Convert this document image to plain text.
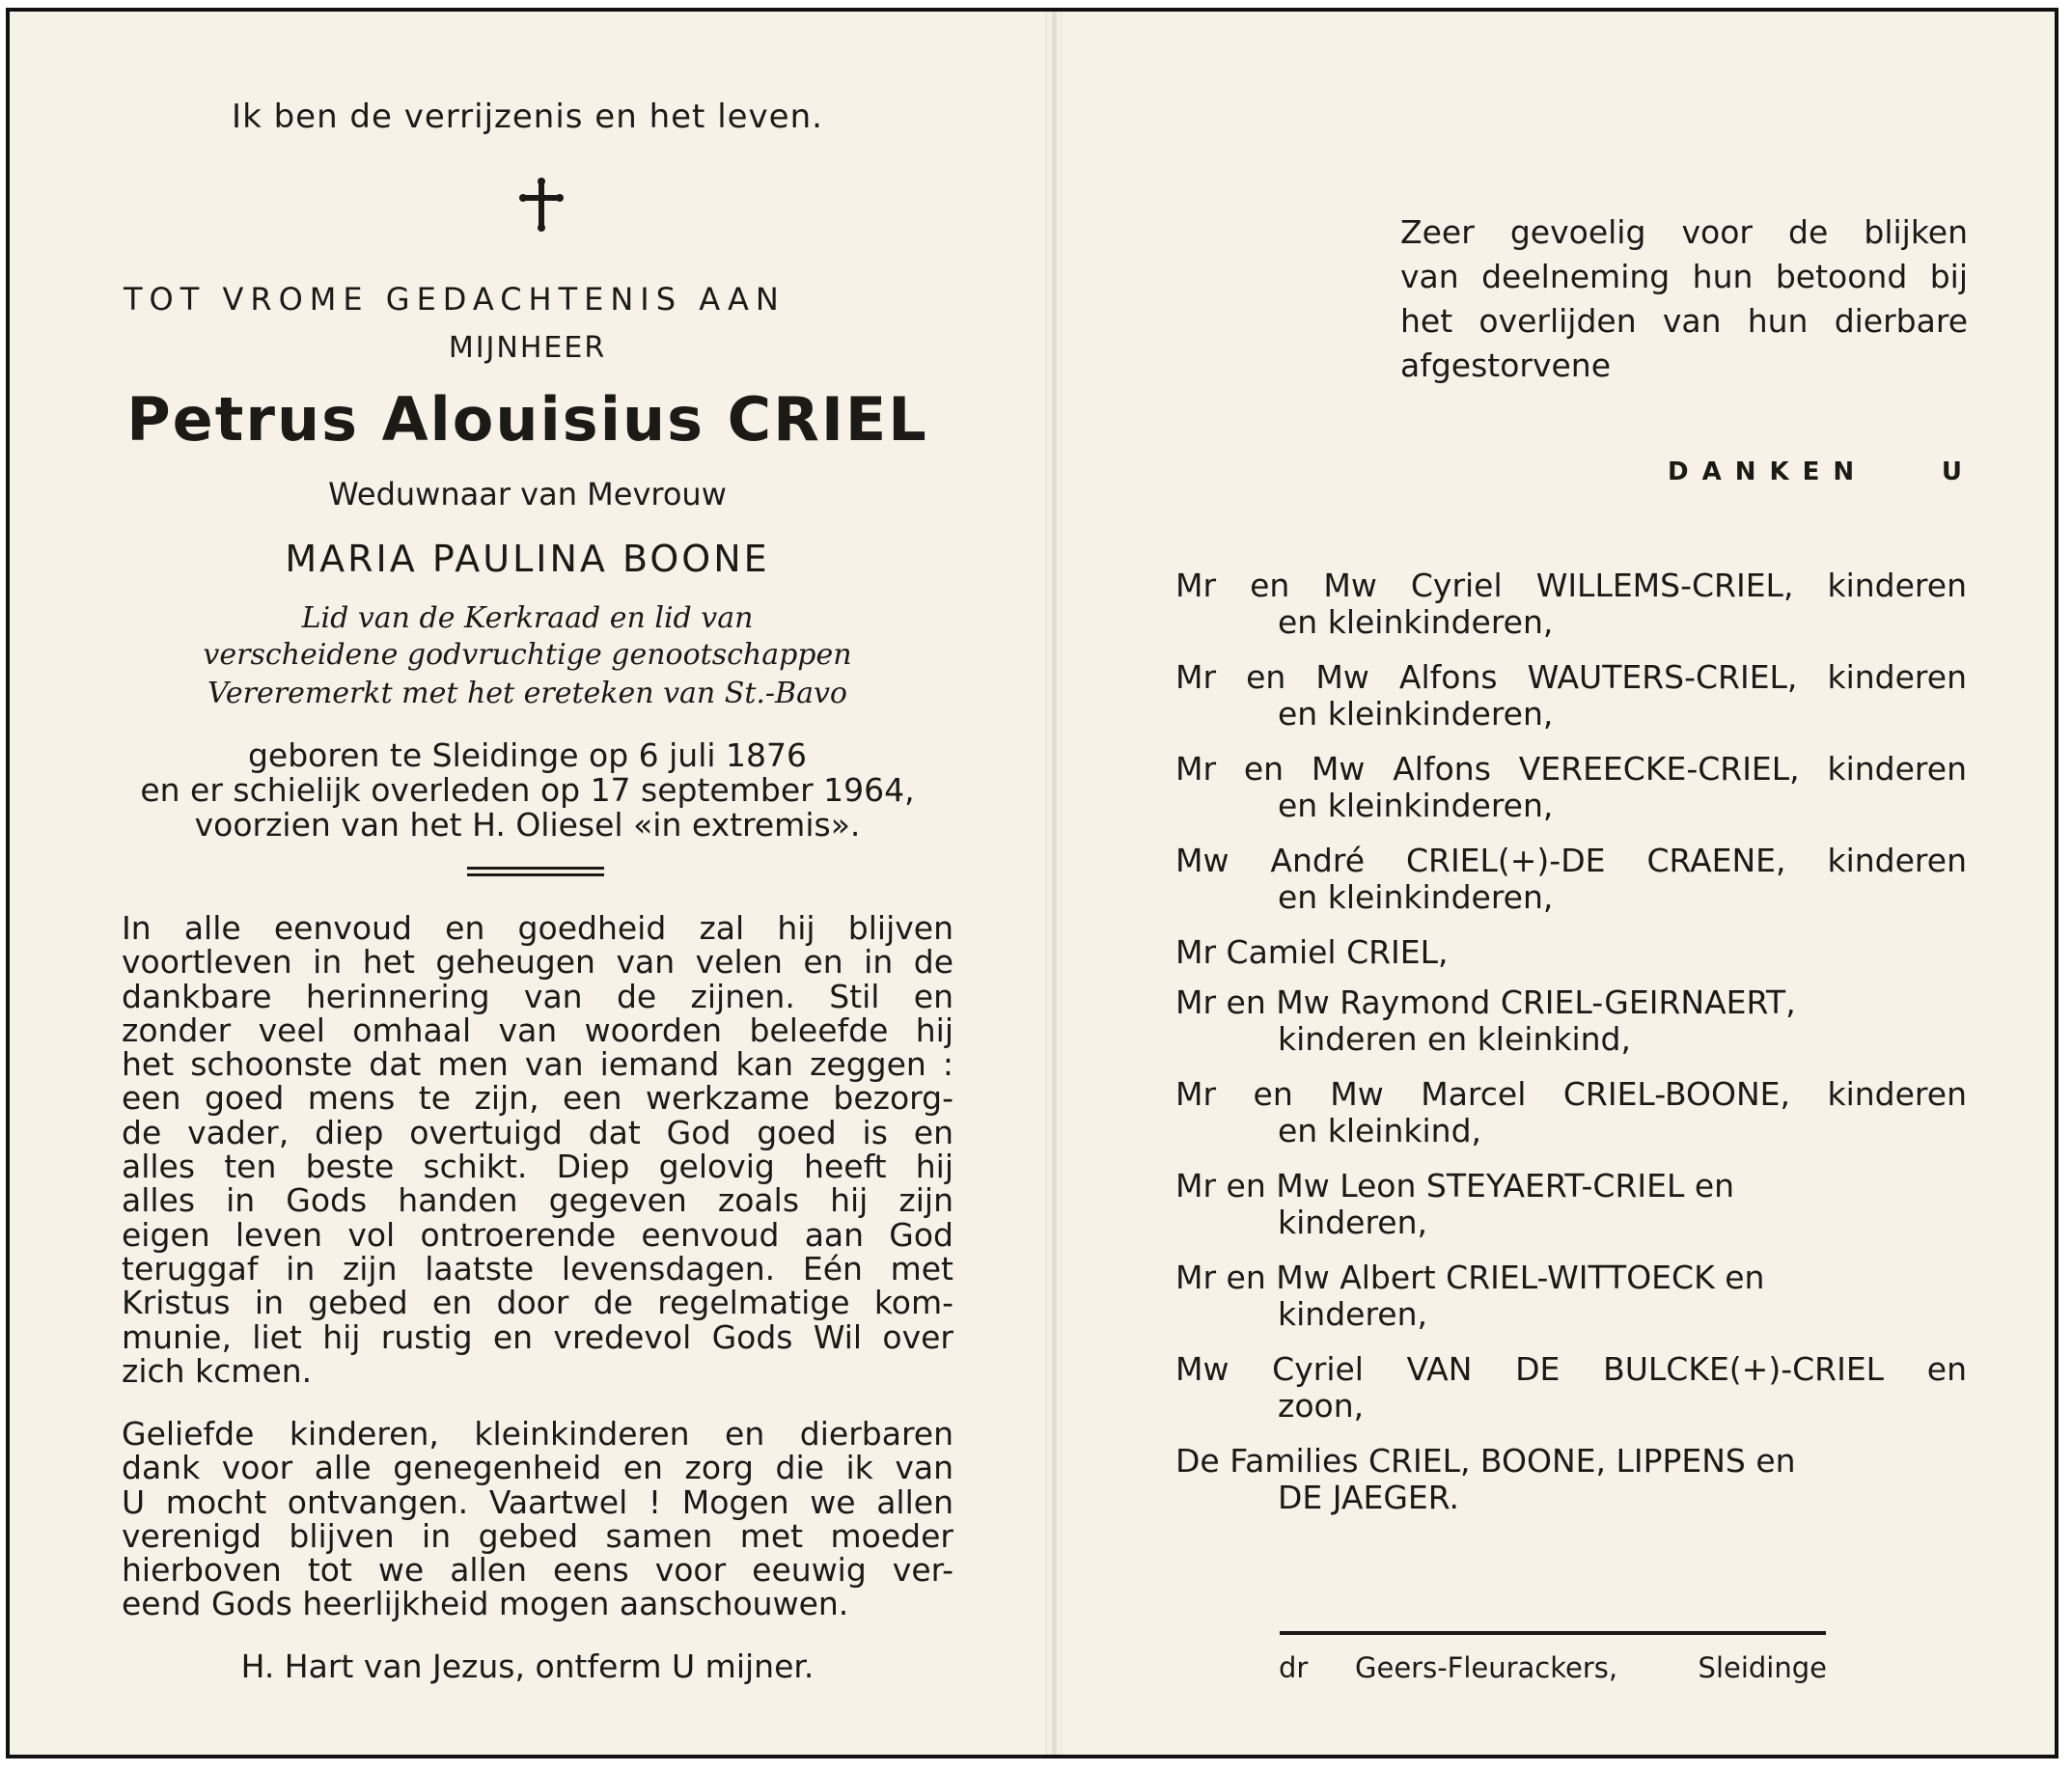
Ik ben de verrijzenis en het leven.
TOT VROME GEDACHTENIS AAN
MIJNHEER
Petrus Alouisius CRIEL
Weduwnaar van Mevrouw
MARIA PAULINA BOONE
Lid van de Kerkraad en lid van
verscheidene godvruchtige genootschappen
Vereremerkt met het ereteken van St.-Bavo
geboren te Sleidinge op 6 juli 1876
en er schielijk overleden op 17 september 1964,
voorzien van het H. Oliesel «in extremis».
In alle eenvoud en goedheid zal hij blijven
voortleven in het geheugen van velen en in de
dankbare herinnering van de zijnen. Stil en
zonder veel omhaal van woorden beleefde hij
het schoonste dat men van iemand kan zeggen :
een goed mens te zijn, een werkzame bezorg-
de vader, diep overtuigd dat God goed is en
alles ten beste schikt. Diep gelovig heeft hij
alles in Gods handen gegeven zoals hij zijn
eigen leven vol ontroerende eenvoud aan God
teruggaf in zijn laatste levensdagen. Eén met
Kristus in gebed en door de regelmatige kom-
munie, liet hij rustig en vredevol Gods Wil over
zich kcmen.
Geliefde kinderen, kleinkinderen en dierbaren
dank voor alle genegenheid en zorg die ik van
U mocht ontvangen. Vaartwel ! Mogen we allen
verenigd blijven in gebed samen met moeder
hierboven tot we allen eens voor eeuwig ver-
eend Gods heerlijkheid mogen aanschouwen.
H. Hart van Jezus, ontferm U mijner.
Zeer gevoelig voor de blijken
van deelneming hun betoond bij
het overlijden van hun dierbare
afgestorvene
DANKEN	U
Mr en Mw Cyriel WILLEMS-CRIEL, kinderen
en kleinkinderen,
Mr en Mw Alfons WAUTERS-CRIEL, kinderen
en kleinkinderen,
Mr en Mw Alfons VEREECKE-CRIEL, kinderen
en kleinkinderen,
Mw André CRIEL(+)-DE CRAENE, kinderen
en kleinkinderen,
Mr Camiel CRIEL,
Mr en Mw Raymond CRIEL-GEIRNAERT,
kinderen en kleinkind,
Mr en Mw Marcel CRIEL-BOONE, kinderen
en kleinkind,
Mr en Mw Leon STEYAERT-CRIEL en
kinderen,
Mr en Mw Albert CRIEL-WITTOECK en
kinderen,
Mw Cyriel VAN DE BULCKE(+)-CRIEL en
zoon,
De Families CRIEL, BOONE, LIPPENS en
DE JAEGER.
dr Geers-Fleurackers,	Sleidinge
